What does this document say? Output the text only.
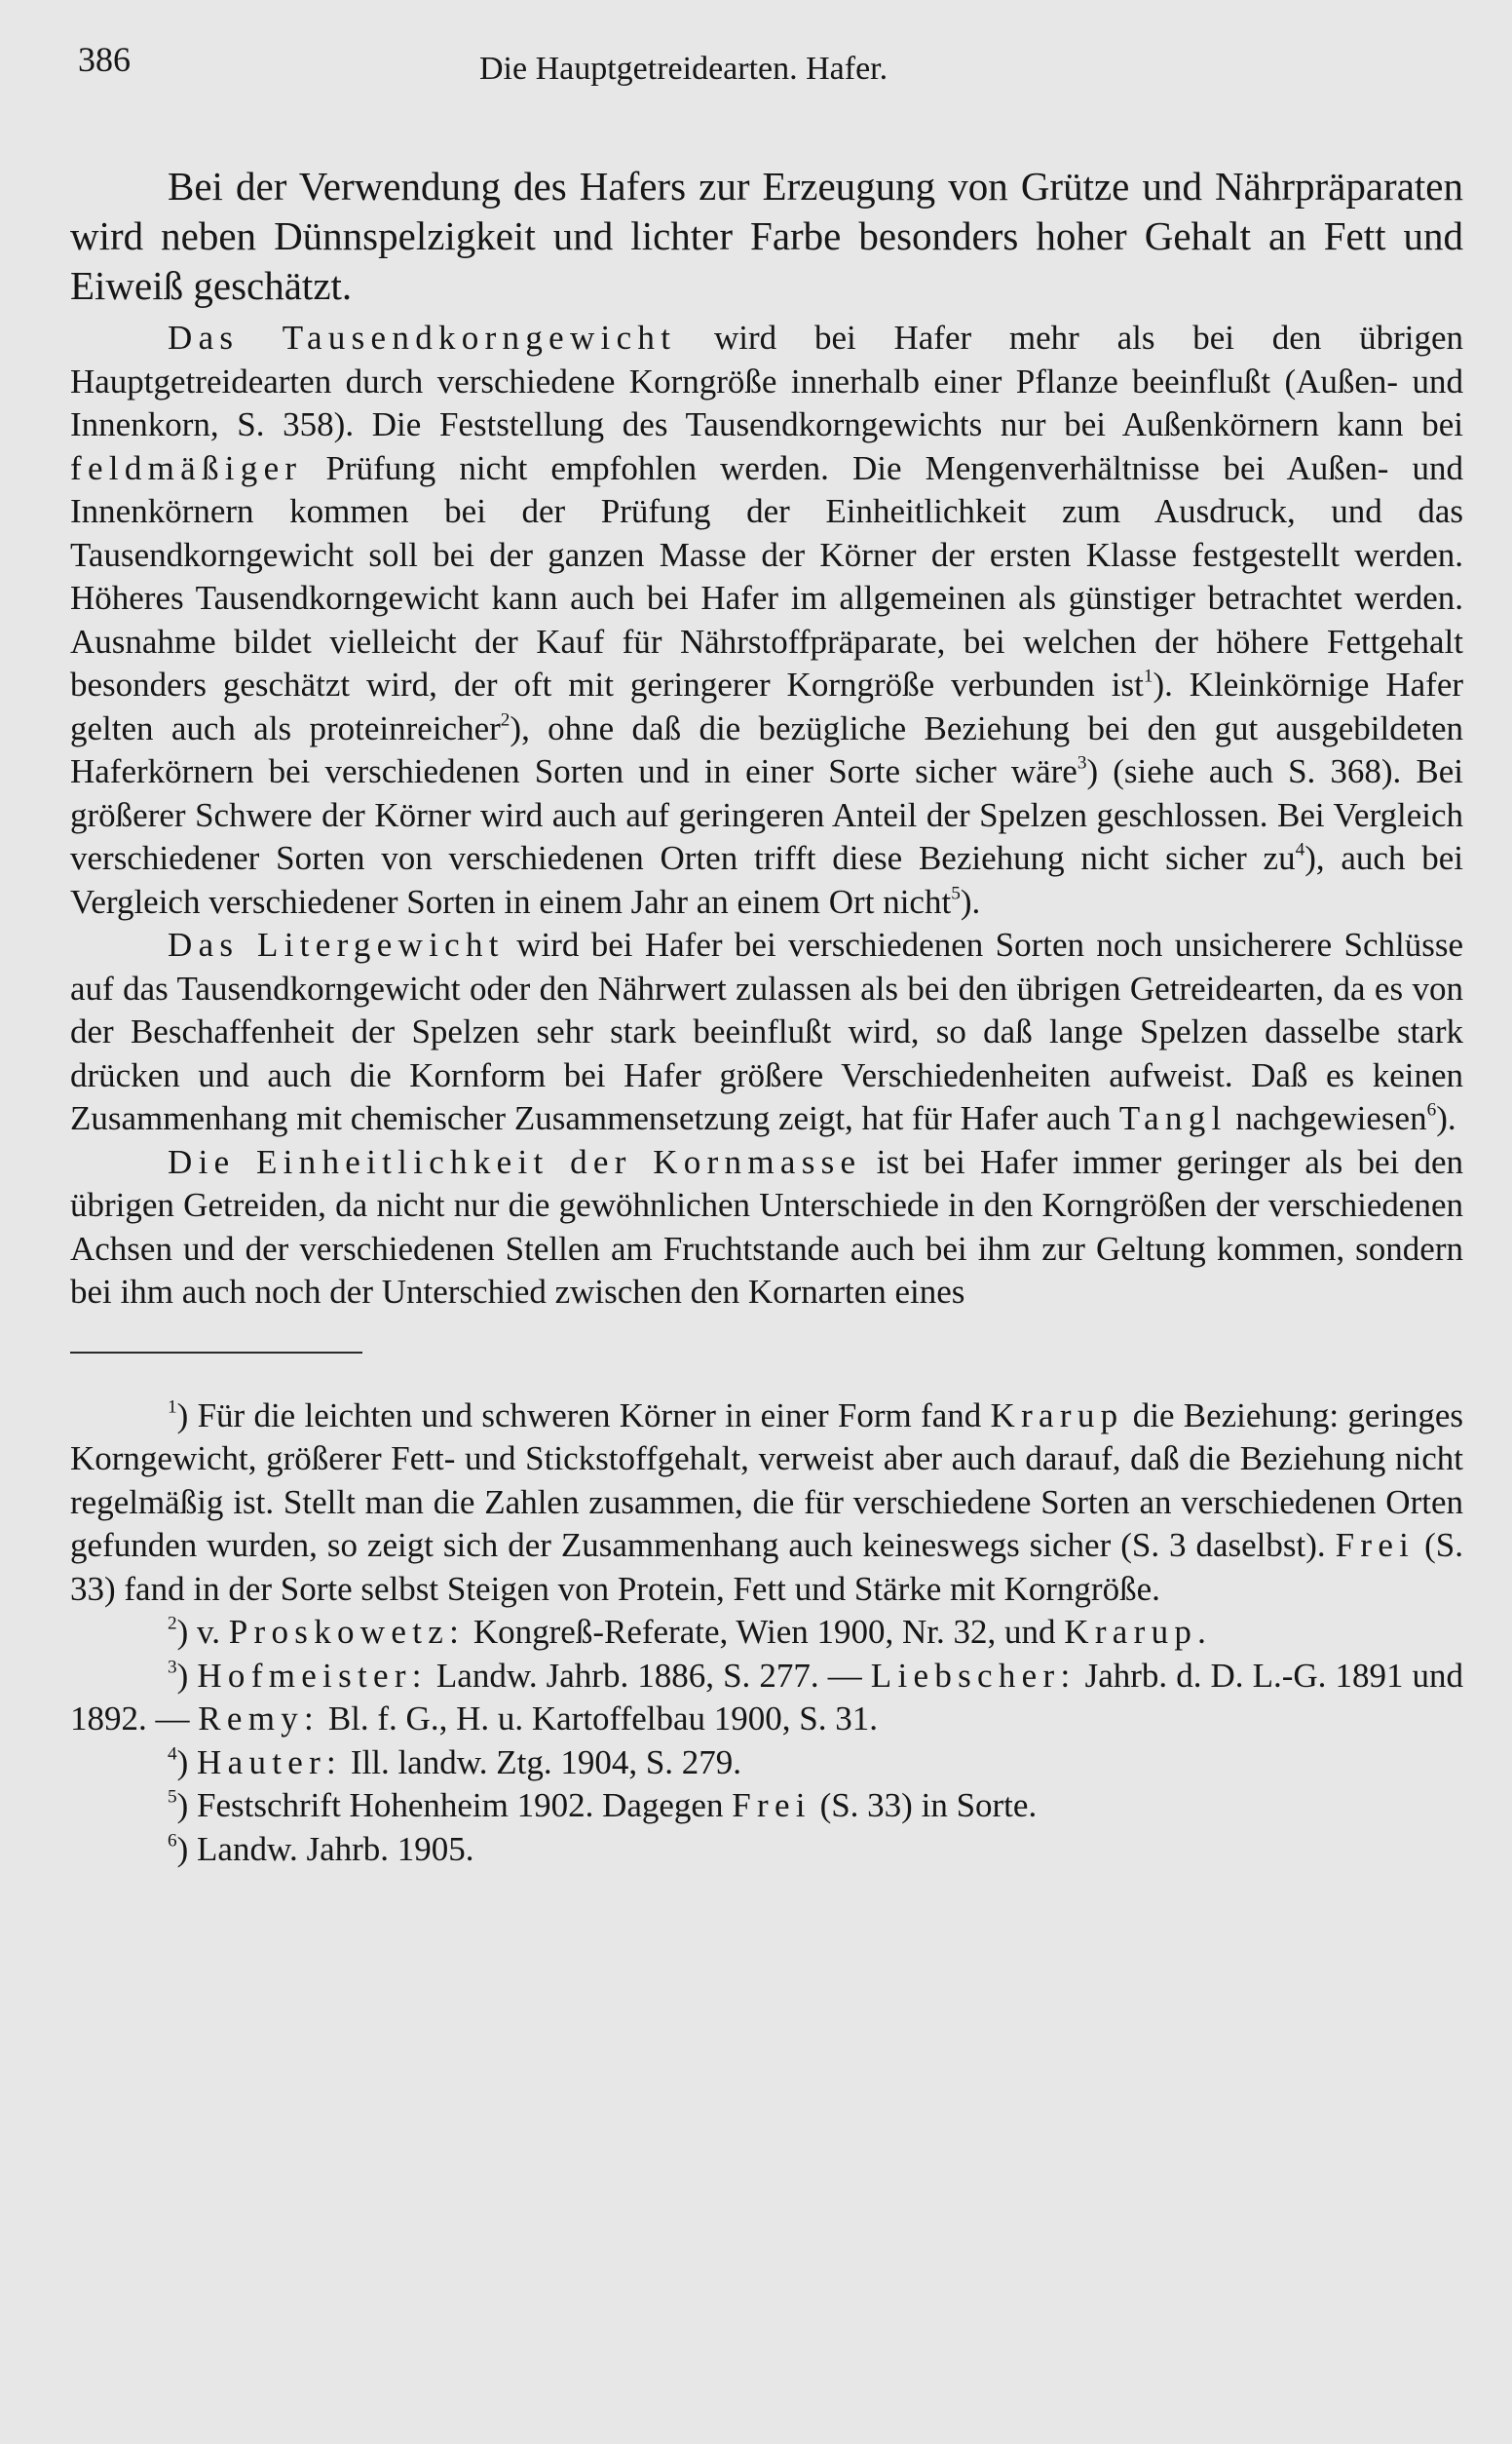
386	Die Hauptgetreidearten. Hafer.

Bei der Verwendung des Hafers zur Erzeugung von Grütze und Nährpräparaten wird neben Dünnspelzigkeit und lichter Farbe besonders hoher Gehalt an Fett und Eiweiß geschätzt.

Das Tausendkorngewicht wird bei Hafer mehr als bei den übrigen Hauptgetreidearten durch verschiedene Korngröße innerhalb einer Pflanze beeinflußt (Außen- und Innenkorn, S. 358). Die Feststellung des Tausendkorngewichts nur bei Außenkörnern kann bei feldmäßiger Prüfung nicht empfohlen werden. Die Mengenverhältnisse bei Außen- und Innenkörnern kommen bei der Prüfung der Einheitlichkeit zum Ausdruck, und das Tausendkorngewicht soll bei der ganzen Masse der Körner der ersten Klasse festgestellt werden. Höheres Tausendkorngewicht kann auch bei Hafer im allgemeinen als günstiger betrachtet werden. Ausnahme bildet vielleicht der Kauf für Nährstoffpräparate, bei welchen der höhere Fettgehalt besonders geschätzt wird, der oft mit geringerer Korngröße verbunden ist$^1$). Kleinkörnige Hafer gelten auch als proteinreicher$^2$), ohne daß die bezügliche Beziehung bei den gut ausgebildeten Haferkörnern bei verschiedenen Sorten und in einer Sorte sicher wäre$^3$) (siehe auch S. 368). Bei größerer Schwere der Körner wird auch auf geringeren Anteil der Spelzen geschlossen. Bei Vergleich verschiedener Sorten von verschiedenen Orten trifft diese Beziehung nicht sicher $zu^4$), auch bei Vergleich verschiedener Sorten in einem Jahr an einem Ort nicht$^5$).

Das Litergewicht wird bei Hafer bei verschiedenen Sorten noch unsicherere Schlüsse auf das Tausendkorngewicht oder den Nährwert zulassen als bei den übrigen Getreidearten, da es von der Beschaffenheit der Spelzen sehr stark beeinflußt wird, so daß lange Spelzen dasselbe stark drücken und auch die Kornform bei Hafer größere Verschiedenheiten aufweist. Daß es keinen Zusammenhang mit chemischer Zusammensetzung zeigt, hat für Hafer auch Tangl nachgewiesen$^6$).

Die Einheitlichkeit der Kornmasse ist bei Hafer immer geringer als bei den übrigen Getreiden, da nicht nur die gewöhnlichen Unterschiede in den Korngrößen der verschiedenen Achsen und der verschiedenen Stellen am Fruchtstande auch bei ihm zur Geltung kommen, sondern bei ihm auch noch der Unterschied zwischen den Kornarten eines

$^1$) Für die leichten und schweren Körner in einer Form fand Krarup die Beziehung: geringes Korngewicht, größerer Fett- und Stickstoffgehalt, verweist aber auch darauf, daß die Beziehung nicht regelmäßig ist. Stellt man die Zahlen zusammen, die für verschiedene Sorten an verschiedenen Orten gefunden wurden, so zeigt sich der Zusammenhang auch keineswegs sicher (S. 3 daselbst). Frei (S. 33) fand in der Sorte selbst Steigen von Protein, Fett und Stärke mit Korngröße.

$^2$) v. Proskowetz: Kongreß-Referate, Wien 1900, Nr. 32, und Krarup.

$^3$) Hofmeister: Landw. Jahrb. 1886, S. 277. — Liebscher: Jahrb. d. D. L.-G. 1891 und 1892. — Remy: Bl. f. G., H. u. Kartoffelbau 1900, S. 31.

$^4$) Hauter: Ill. landw. Ztg. 1904, S. 279.

$^5$) Festschrift Hohenheim 1902. Dagegen Frei (S. 33) in Sorte.

$^6$) Landw. Jahrb. 1905.
